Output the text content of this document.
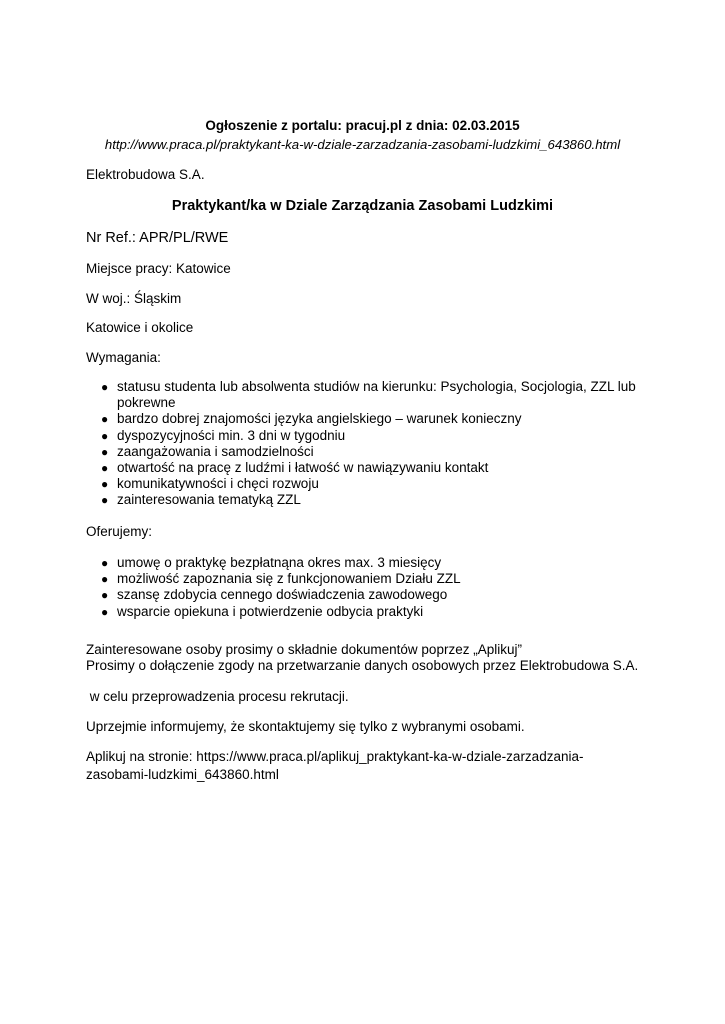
Ogłoszenie z portalu: pracuj.pl z dnia: 02.03.2015
http://www.praca.pl/praktykant-ka-w-dziale-zarzadzania-zasobami-ludzkimi_643860.html
Elektrobudowa S.A.
Praktykant/ka w Dziale Zarządzania Zasobami Ludzkimi
Nr Ref.: APR/PL/RWE
Miejsce pracy: Katowice
W woj.: Śląskim
Katowice i okolice
Wymagania:
● statusu studenta lub absolwenta studiów na kierunku: Psychologia, Socjologia, ZZL lub pokrewne
● bardzo dobrej znajomości języka angielskiego – warunek konieczny
● dyspozycyjności min. 3 dni w tygodniu
● zaangażowania i samodzielności
● otwartość na pracę z ludźmi i łatwość w nawiązywaniu kontakt
● komunikatywności i chęci rozwoju
● zainteresowania tematyką ZZL
Oferujemy:
● umowę o praktykę bezpłatnąna okres max. 3 miesięcy
● możliwość zapoznania się z funkcjonowaniem Działu ZZL
● szansę zdobycia cennego doświadczenia zawodowego
● wsparcie opiekuna i potwierdzenie odbycia praktyki
Zainteresowane osoby prosimy o składnie dokumentów poprzez „Aplikuj”
Prosimy o dołączenie zgody na przetwarzanie danych osobowych przez Elektrobudowa S.A.
w celu przeprowadzenia procesu rekrutacji.
Uprzejmie informujemy, że skontaktujemy się tylko z wybranymi osobami.
Aplikuj na stronie: https://www.praca.pl/aplikuj_praktykant-ka-w-dziale-zarzadzania-zasobami-ludzkimi_643860.html
